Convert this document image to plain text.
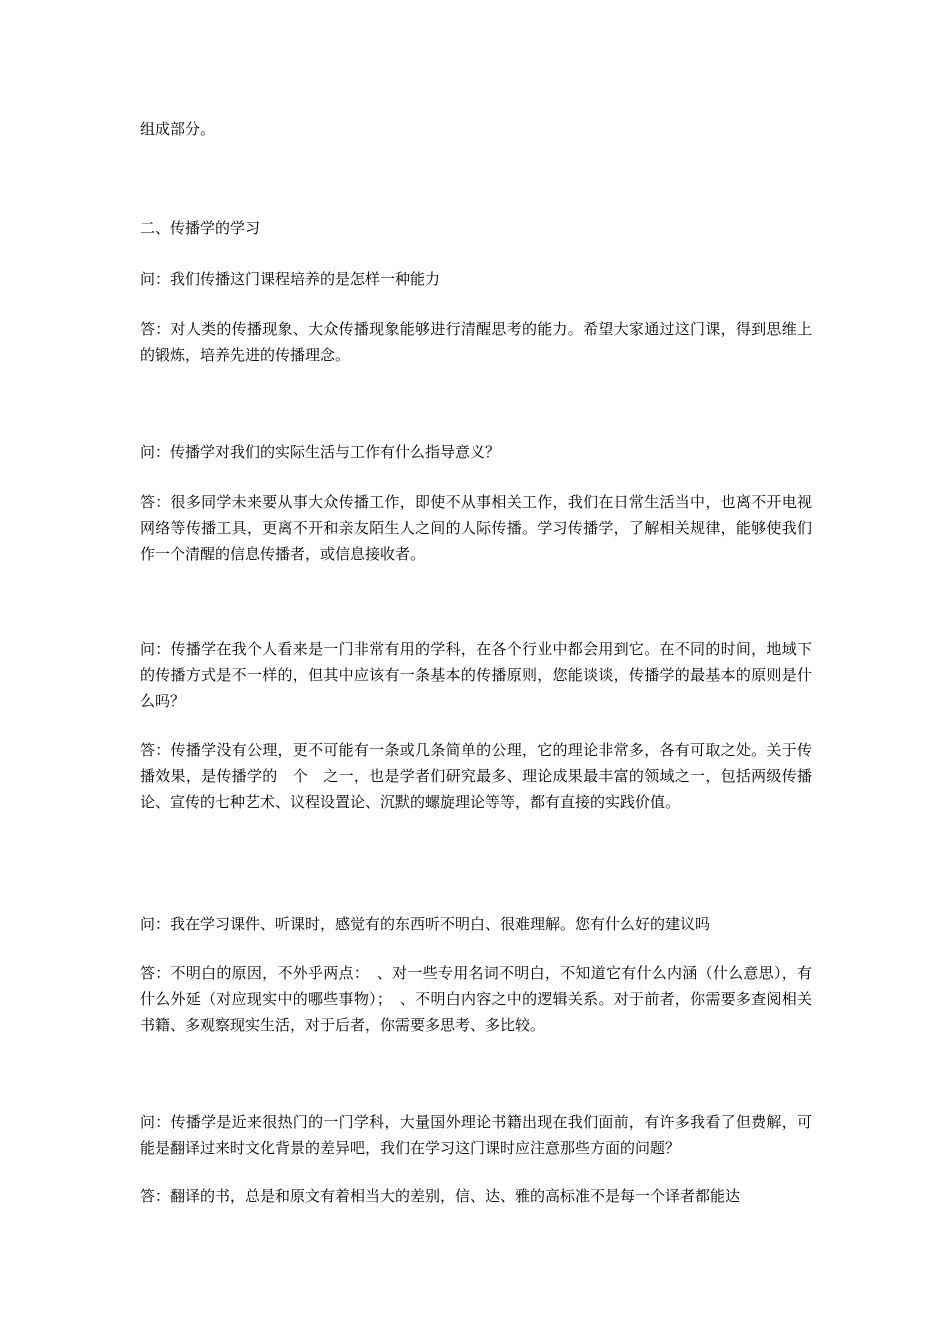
组成部分。

二、传播学的学习

问：我们传播这门课程培养的是怎样一种能力

答：对人类的传播现象、大众传播现象能够进行清醒思考的能力。希望大家通过这门课，得到思维上的锻炼，培养先进的传播理念。

问：传播学对我们的实际生活与工作有什么指导意义？

答：很多同学未来要从事大众传播工作，即使不从事相关工作，我们在日常生活当中，也离不开电视网络等传播工具，更离不开和亲友陌生人之间的人际传播。学习传播学，了解相关规律，能够使我们作一个清醒的信息传播者，或信息接收者。

问：传播学在我个人看来是一门非常有用的学科，在各个行业中都会用到它。在不同的时间，地域下的传播方式是不一样的，但其中应该有一条基本的传播原则，您能谈谈，传播学的最基本的原则是什么吗？

答：传播学没有公理，更不可能有一条或几条简单的公理，它的理论非常多，各有可取之处。关于传播效果，是传播学的　个　之一，也是学者们研究最多、理论成果最丰富的领域之一，包括两级传播论、宣传的七种艺术、议程设置论、沉默的螺旋理论等等，都有直接的实践价值。

问：我在学习课件、听课时，感觉有的东西听不明白、很难理解。您有什么好的建议吗

答：不明白的原因，不外乎两点：　、对一些专用名词不明白，不知道它有什么内涵（什么意思），有什么外延（对应现实中的哪些事物）；　、不明白内容之中的逻辑关系。对于前者，你需要多查阅相关书籍、多观察现实生活，对于后者，你需要多思考、多比较。

问：传播学是近来很热门的一门学科，大量国外理论书籍出现在我们面前，有许多我看了但费解，可能是翻译过来时文化背景的差异吧，我们在学习这门课时应注意那些方面的问题？

答：翻译的书，总是和原文有着相当大的差别，信、达、雅的高标准不是每一个译者都能达
